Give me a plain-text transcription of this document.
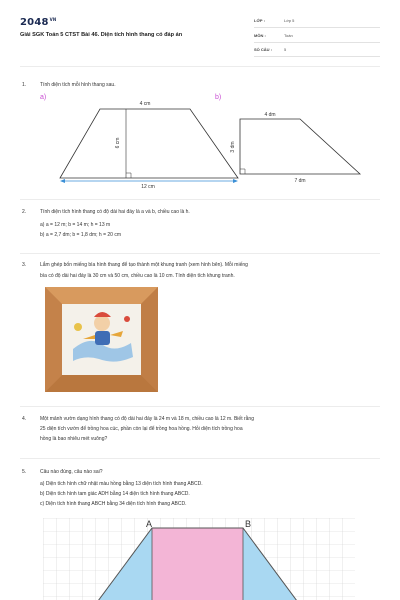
$2048^{VN}$
Giải SGK Toán 5 CTST Bài 46. Diện tích hình thang có đáp án
LỚP :	Lớp 5
MÔN :	Toán
SỐ CÂU :	5
1.	Tính diện tích mỗi hình thang sau.
a)	b)
4 cm
6 cm
12 cm
4 dm
3 dm
7 dm
2.	Tính diện tích hình thang có độ dài hai đáy là a và b, chiều cao là h.
a) a = 12 m; b = 14 m; h = 13 m
b) a = 2,7 dm; b = 1,8 dm; h = 20 cm
3.	Lắm ghép bốn miếng bìa hình thang để tạo thành một khung tranh (xem hình bên). Mỗi miếng
bìa có độ dài hai đáy là 30 cm và 50 cm, chiều cao là 10 cm. Tính diện tích khung tranh.
4.	Một mảnh vườn dạng hình thang có độ dài hai đáy là 24 m và 18 m, chiều cao là 12 m. Biết rằng
25 diện tích vườn để trồng hoa cúc, phần còn lại để trồng hoa hồng. Hỏi diện tích trồng hoa
hồng là bao nhiêu mét vuông?
5.	Câu nào đúng, câu nào sai?
a) Diện tích hình chữ nhật màu hồng bằng 13 diện tích hình thang ABCD.
b) Diện tích hình tam giác ADH bằng 14 diện tích hình thang ABCD.
c) Diện tích hình thang ABCH bằng 34 diện tích hình thang ABCD.
A	B
